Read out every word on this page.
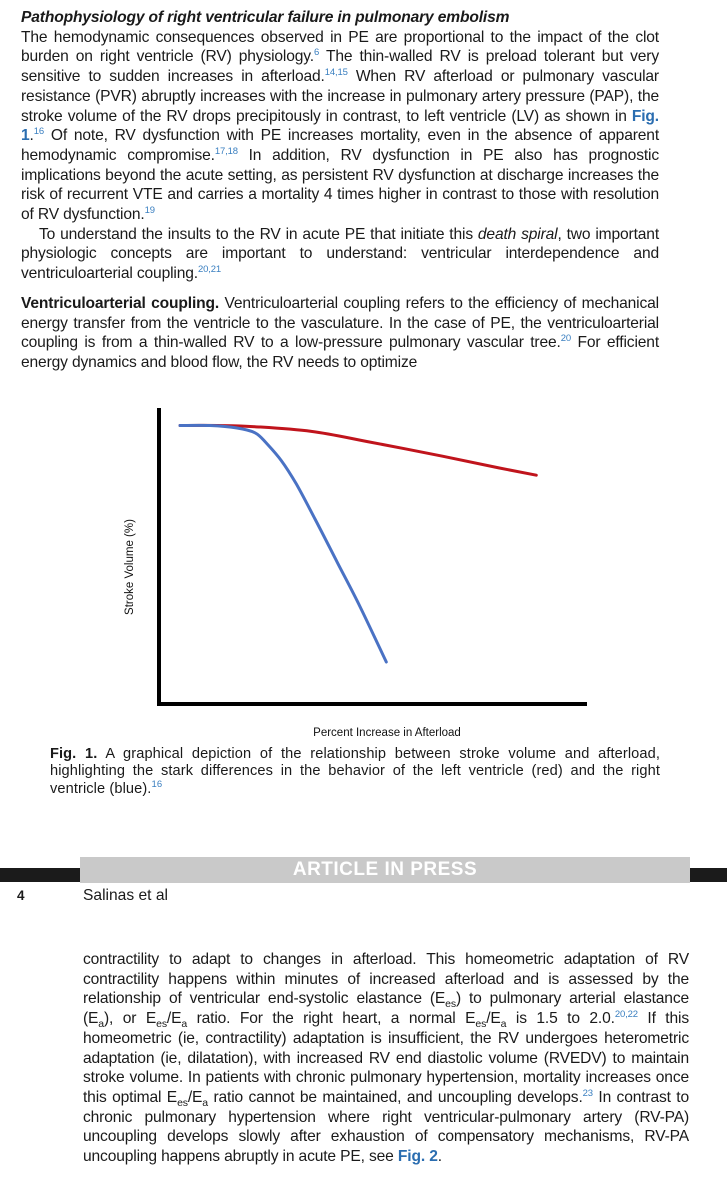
Pathophysiology of right ventricular failure in pulmonary embolism

The hemodynamic consequences observed in PE are proportional to the impact of the clot burden on right ventricle (RV) physiology.$^6$ The thin-walled RV is preload tolerant but very sensitive to sudden increases in afterload.$^{14,15}$ When RV afterload or pulmonary vascular resistance (PVR) abruptly increases with the increase in pulmonary artery pressure (PAP), the stroke volume of the RV drops precipitously in contrast, to left ventricle (LV) as shown in Fig. 1.16 Of note, RV dysfunction with PE increases mortality, even in the absence of apparent hemodynamic compromise.$^{17,18}$ In addition, RV dysfunction in PE also has prognostic implications beyond the acute setting, as persistent RV dysfunction at discharge increases the risk of recurrent VTE and carries a mortality 4 times higher in contrast to those with resolution of RV dysfunction.$^{19}$

To understand the insults to the RV in acute PE that initiate this death spiral, two important physiologic concepts are important to understand: ventricular interdependence and ventriculoarterial coupling.$^{20,21}$

Ventriculoarterial coupling. Ventriculoarterial coupling refers to the efficiency of mechanical energy transfer from the ventricle to the vasculature. In the case of PE, the ventriculoarterial coupling is from a thin-walled RV to a low-pressure pulmonary vascular tree.$^{20}$ For efficient energy dynamics and blood flow, the RV needs to optimize

Stroke Volume (%)
Percent Increase in Afterload
Fig. 1. A graphical depiction of the relationship between stroke volume and afterload, highlighting the stark differences in the behavior of the left ventricle (red) and the right ventricle (blue).$^{16}$
ARTICLE IN PRESS
4	Salinas et al

contractility to adapt to changes in afterload. This homeometric adaptation of RV contractility happens within minutes of increased afterload and is assessed by the relationship of ventricular end-systolic elastance $(E_{es})$ to pulmonary arterial elastance $(E_a)$, or $E_{es}/E_a$ ratio. For the right heart, a normal $E_{es}/E_a$ is 1.5 to 2.0.$^{20,22}$ If this homeometric (ie, contractility) adaptation is insufficient, the RV undergoes heterometric adaptation (ie, dilatation), with increased RV end diastolic volume (RVEDV) to maintain stroke volume. In patients with chronic pulmonary hypertension, mortality increases once this optimal $E_{es}/E_a$ ratio cannot be maintained, and uncoupling develops.$^{23}$ In contrast to chronic pulmonary hypertension where right ventricular-pulmonary artery (RV-PA) uncoupling develops slowly after exhaustion of compensatory mechanisms, RV-PA uncoupling happens abruptly in acute PE, see Fig. 2.
